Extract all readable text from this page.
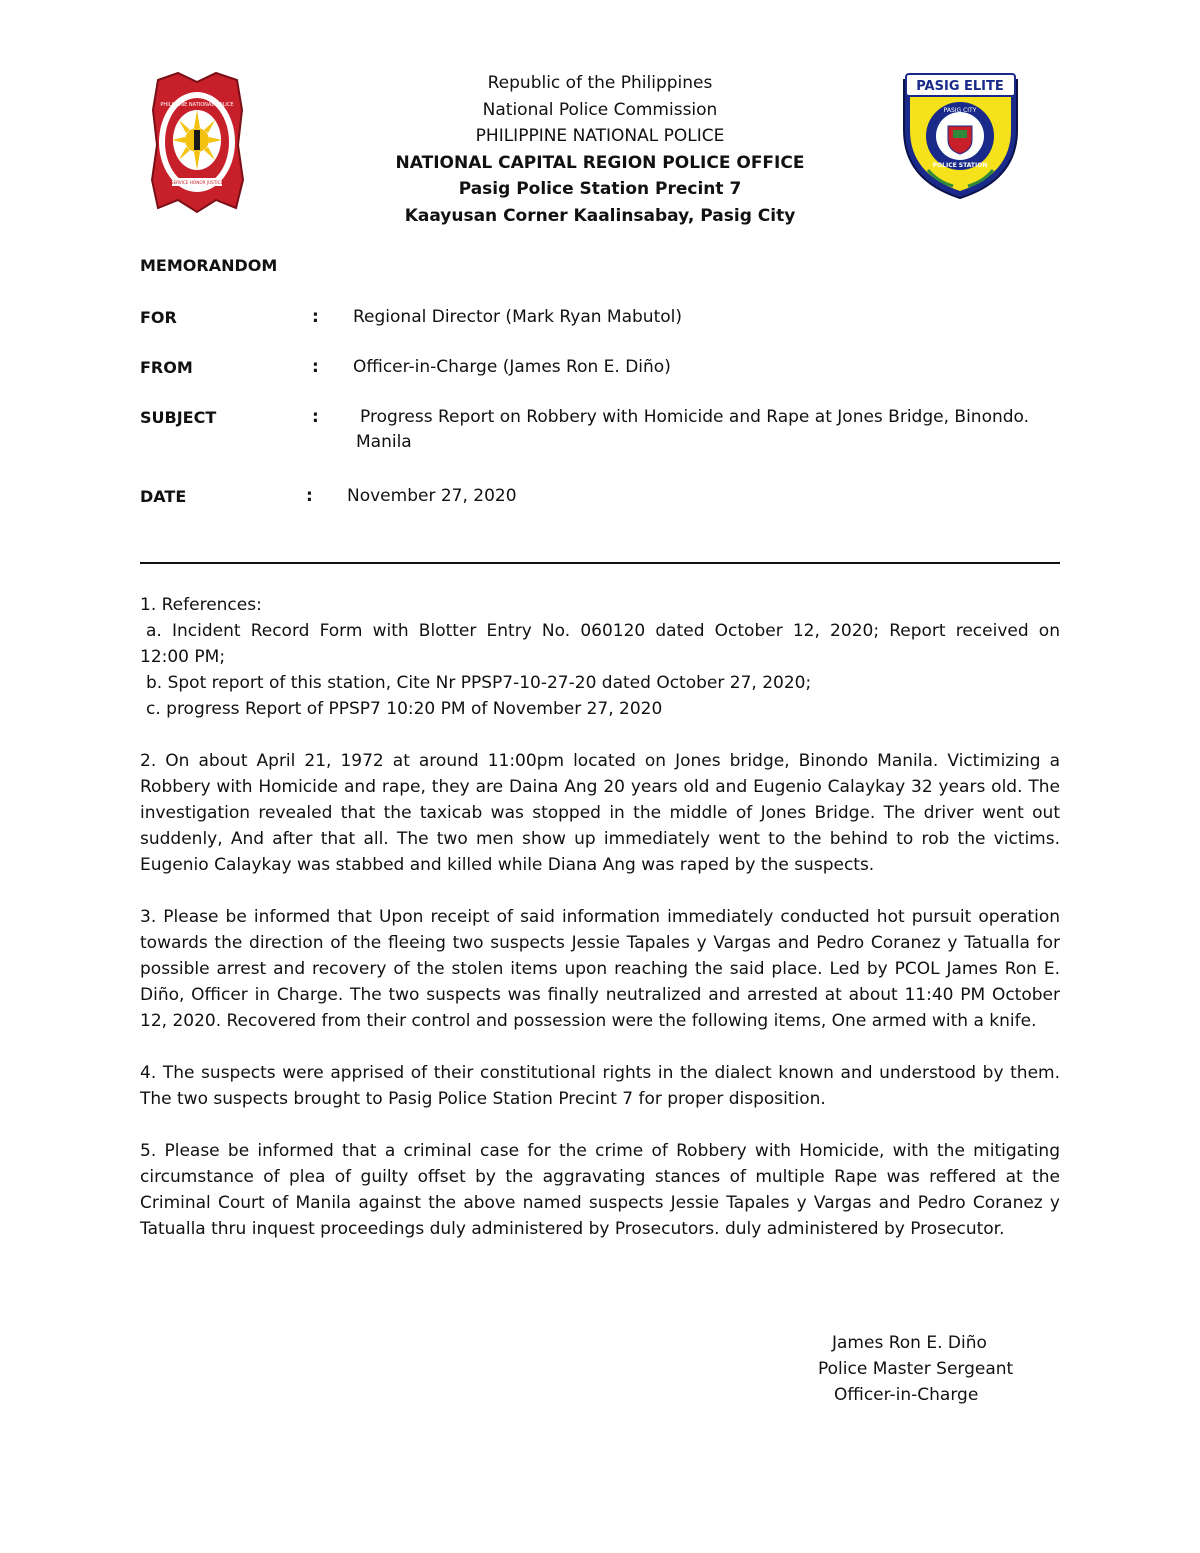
PHILIPPINE NATIONAL POLICE
SERVICE HONOR JUSTICE
PASIG ELITE
PASIG CITY
POLICE STATION
Republic of the Philippines
National Police Commission
PHILIPPINE NATIONAL POLICE
NATIONAL CAPITAL REGION POLICE OFFICE
Pasig Police Station Precint 7
Kaayusan Corner Kaalinsabay, Pasig City
MEMORANDOM
FOR	: Regional Director (Mark Ryan Mabutol)
FROM	: Officer-in-Charge (James Ron E. Diño)
SUBJECT	: Progress Report on Robbery with Homicide and Rape at Jones Bridge, Binondo.
Manila
DATE	: November 27, 2020

1. References:

a. Incident Record Form with Blotter Entry No. 060120 dated October 12, 2020; Report received on

12:00 PM;

b. Spot report of this station, Cite Nr PPSP7-10-27-20 dated October 27, 2020;

c. progress Report of PPSP7 10:20 PM of November 27, 2020

2. On about April 21, 1972 at around 11:00pm located on Jones bridge, Binondo Manila. Victimizing a Robbery with Homicide and rape, they are Daina Ang 20 years old and Eugenio Calaykay 32 years old. The investigation revealed that the taxicab was stopped in the middle of Jones Bridge. The driver went out suddenly, And after that all. The two men show up immediately went to the behind to rob the victims. Eugenio Calaykay was stabbed and killed while Diana Ang was raped by the suspects.

3. Please be informed that Upon receipt of said information immediately conducted hot pursuit operation towards the direction of the fleeing two suspects Jessie Tapales y Vargas and Pedro Coranez y Tatualla for possible arrest and recovery of the stolen items upon reaching the said place. Led by PCOL James Ron E. Diño, Officer in Charge. The two suspects was finally neutralized and arrested at about 11:40 PM October 12, 2020. Recovered from their control and possession were the following items, One armed with a knife.

4. The suspects were apprised of their constitutional rights in the dialect known and understood by them. The two suspects brought to Pasig Police Station Precint 7 for proper disposition.

5. Please be informed that a criminal case for the crime of Robbery with Homicide, with the mitigating circumstance of plea of guilty offset by the aggravating stances of multiple Rape was reffered at the Criminal Court of Manila against the above named suspects Jessie Tapales y Vargas and Pedro Coranez y Tatualla thru inquest proceedings duly administered by Prosecutors. duly administered by Prosecutor.

James Ron E. Diño
Police Master Sergeant
Officer-in-Charge
